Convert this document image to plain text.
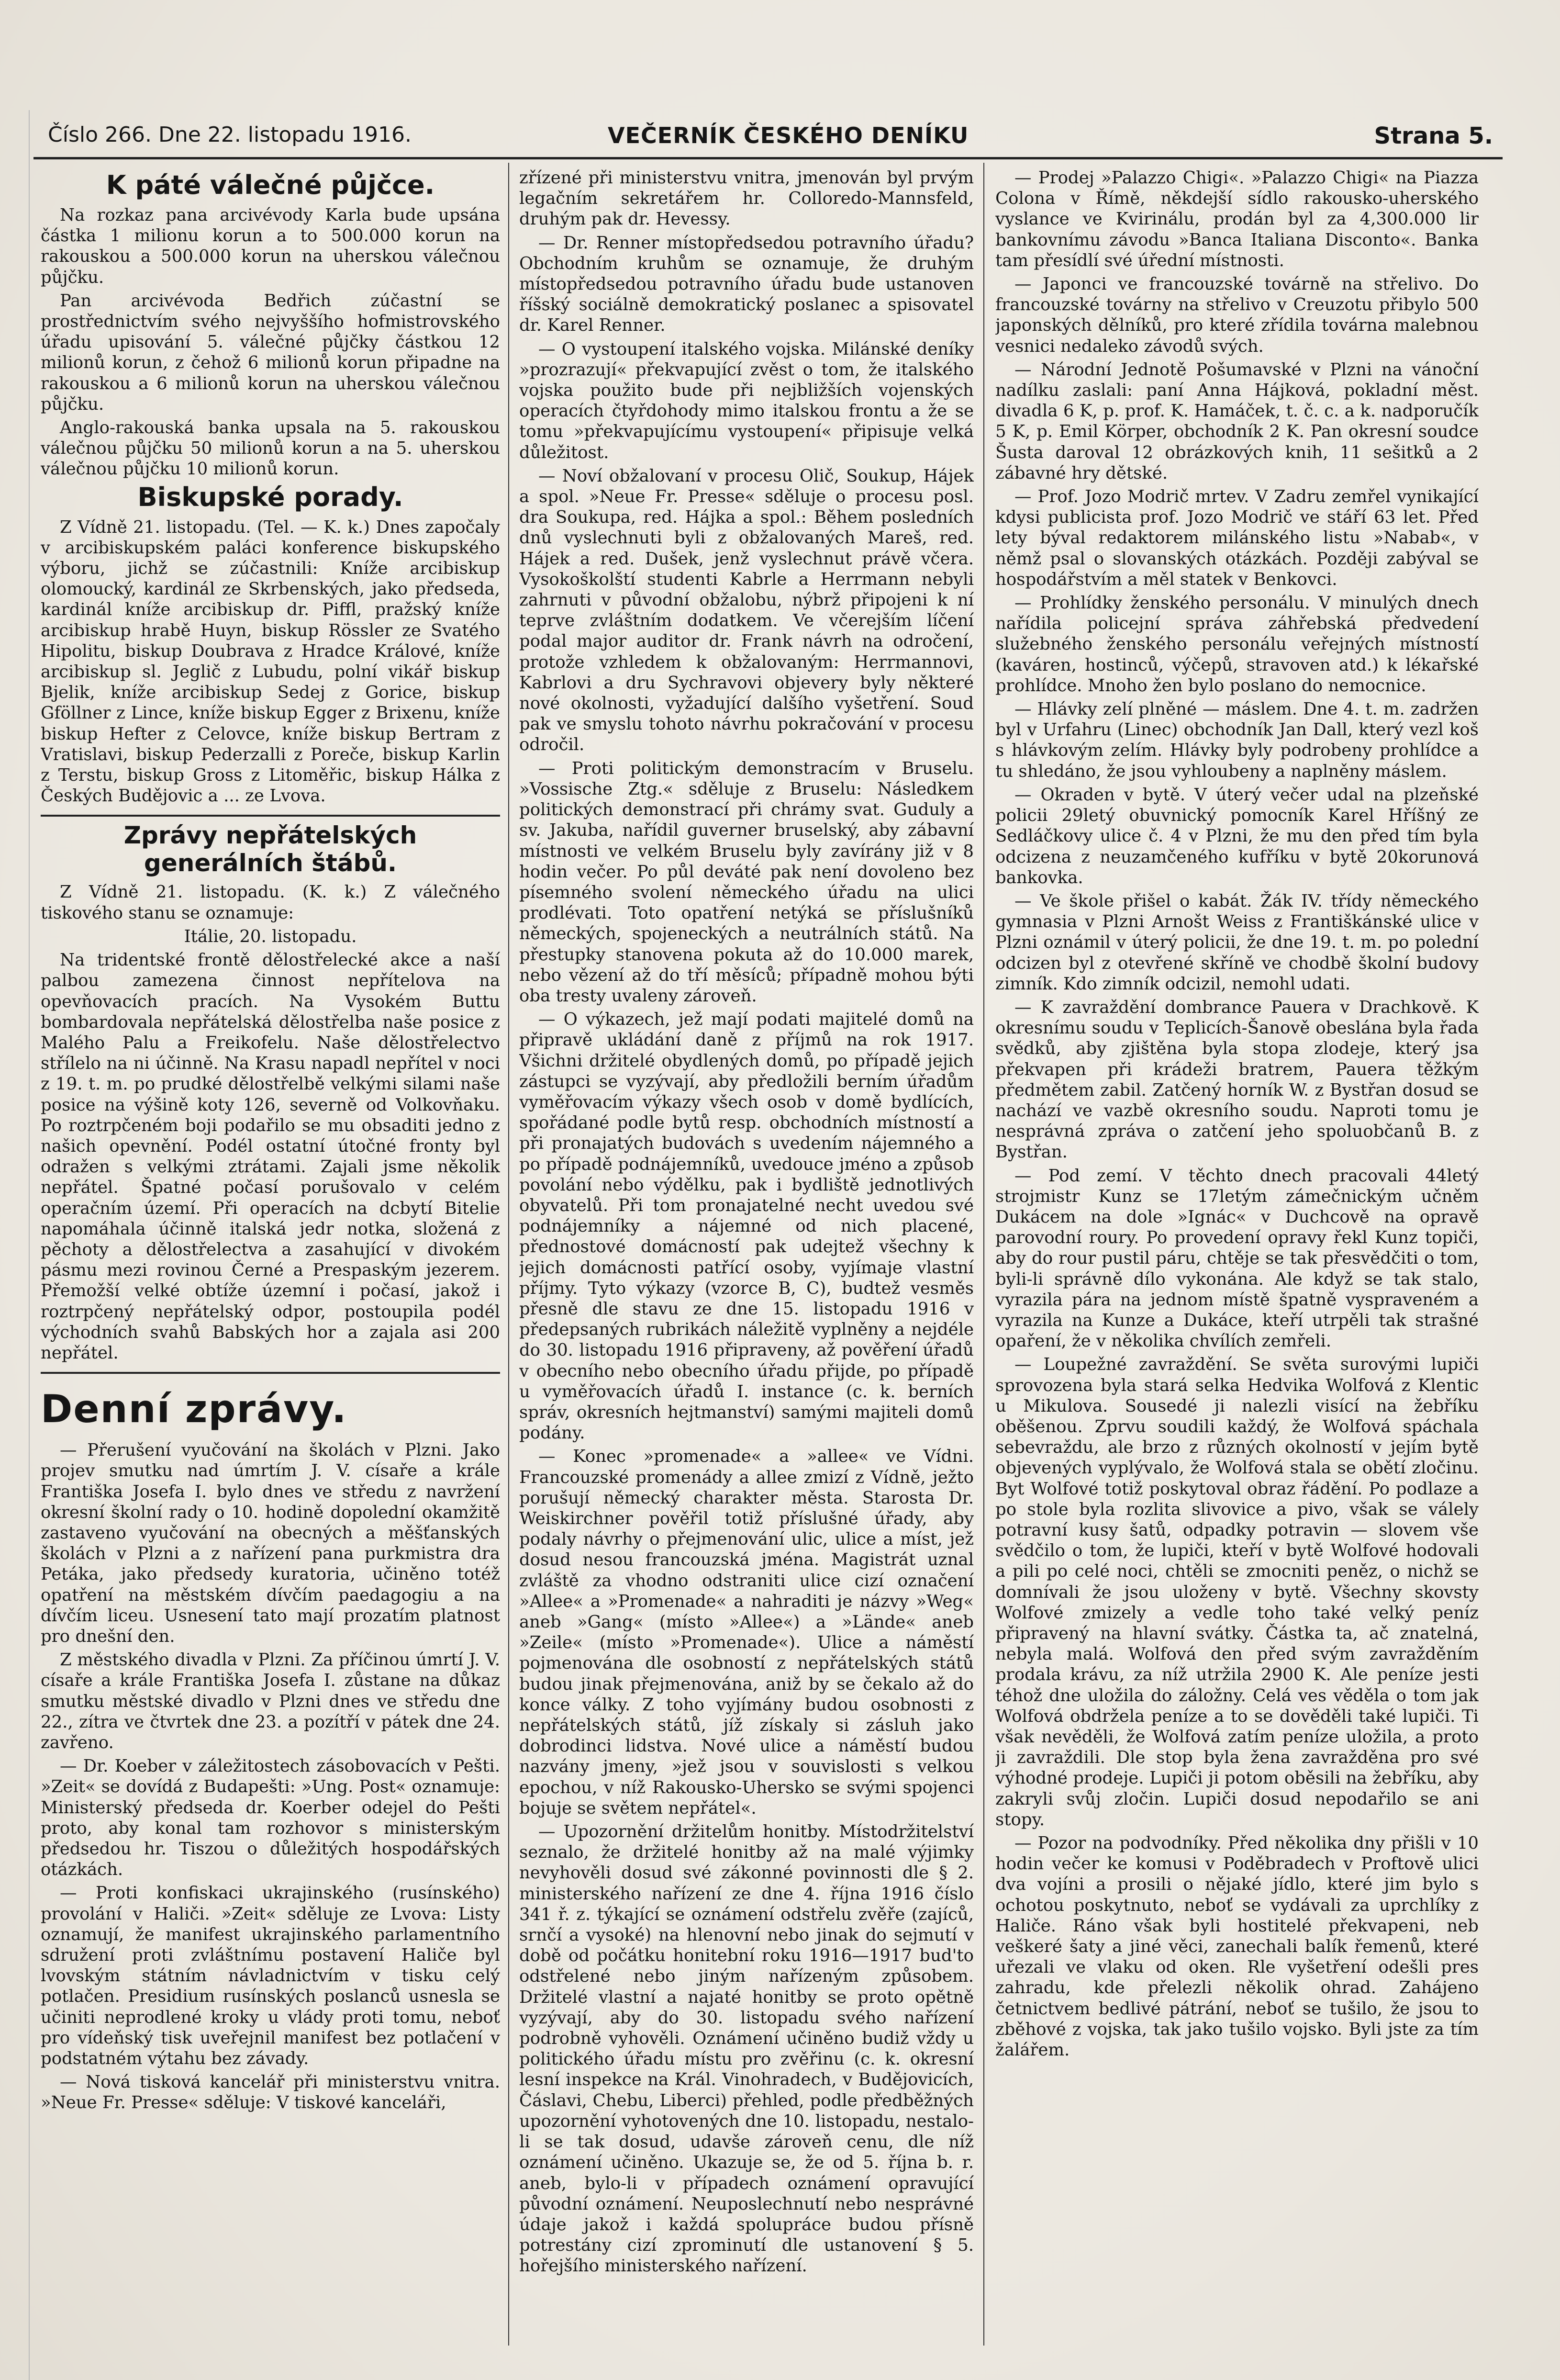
Číslo 266. Dne 22. listopadu 1916.	VEČERNÍK ČESKÉHO DENÍKU	Strana 5.
K páté válečné půjčce.

Na rozkaz pana arcivévody Karla bude upsána částka 1 milionu korun a to 500.000 korun na rakouskou a 500.000 korun na uherskou válečnou půjčku.

Pan arcivévoda Bedřich zúčastní se prostřednictvím svého nejvyššího hofmistrovského úřadu upisování 5. válečné půjčky částkou 12 milionů korun, z čehož 6 milionů korun připadne na rakouskou a 6 milionů korun na uherskou válečnou půjčku.

Anglo-rakouská banka upsala na 5. rakouskou válečnou půjčku 50 milionů korun a na 5. uherskou válečnou půjčku 10 milionů korun.

Biskupské porady.

Z Vídně 21. listopadu. (Tel. — K. k.) Dnes započaly v arcibiskupském paláci konference biskupského výboru, jichž se zúčastnili: Kníže arcibiskup olomoucký, kardinál ze Skrbenských, jako předseda, kardinál kníže arcibiskup dr. Piffl, pražský kníže arcibiskup hrabě Huyn, biskup Rössler ze Svatého Hipolitu, biskup Doubrava z Hradce Králové, kníže arcibiskup sl. Jeglič z Lubudu, polní vikář biskup Bjelik, kníže arcibiskup Sedej z Gorice, biskup Gföllner z Lince, kníže biskup Egger z Brixenu, kníže biskup Hefter z Celovce, kníže biskup Bertram z Vratislavi, biskup Pederzalli z Poreče, biskup Karlin z Terstu, biskup Gross z Litoměřic, biskup Hálka z Českých Budějovic a ... ze Lvova.

Zprávy nepřátelských generálních štábů.

Z Vídně 21. listopadu. (K. k.) Z válečného tiskového stanu se oznamuje:

Itálie, 20. listopadu.

Na tridentské frontě dělostřelecké akce a naší palbou zamezena činnost nepřítelova na opevňovacích pracích. Na Vysokém Buttu bombardovala nepřátelská dělostřelba naše posice z Malého Palu a Freikofelu. Naše dělostřelectvo střílelo na ni účinně. Na Krasu napadl nepřítel v noci z 19. t. m. po prudké dělostřelbě velkými silami naše posice na výšině koty 126, severně od Volkovňaku. Po roztrpčeném boji podařilo se mu obsaditi jedno z našich opevnění. Podél ostatní útočné fronty byl odražen s velkými ztrátami. Zajali jsme několik nepřátel. Špatné počasí porušovalo v celém operačním území. Při operacích na dcbytí Bitelie napomáhala účinně italská jedr notka, složená z pěchoty a dělostřelectva a zasahující v divokém pásmu mezi rovinou Černé a Prespaským jezerem. Přemožší velké obtíže územní i počasí, jakož i roztrpčený nepřátelský odpor, postoupila podél východních svahů Babských hor a zajala asi 200 nepřátel.

Denní zprávy.

— Přerušení vyučování na školách v Plzni. Jako projev smutku nad úmrtím J. V. císaře a krále Františka Josefa I. bylo dnes ve středu z navržení okresní školní rady o 10. hodině dopolední okamžitě zastaveno vyučování na obecných a měšťanských školách v Plzni a z nařízení pana purkmistra dra Petáka, jako předsedy kuratoria, učiněno totéž opatření na městském dívčím paedagogiu a na dívčím liceu. Usnesení tato mají prozatím platnost pro dnešní den.

Z městského divadla v Plzni. Za příčinou úmrtí J. V. císaře a krále Františka Josefa I. zůstane na důkaz smutku městské divadlo v Plzni dnes ve středu dne 22., zítra ve čtvrtek dne 23. a pozítří v pátek dne 24. zavřeno.

— Dr. Koeber v záležitostech zásobovacích v Pešti. »Zeit« se dovídá z Budapešti: »Ung. Post« oznamuje: Ministerský předseda dr. Koerber odejel do Pešti proto, aby konal tam rozhovor s ministerským předsedou hr. Tiszou o důležitých hospodářských otázkách.

— Proti konfiskaci ukrajinského (rusínského) provolání v Haliči. »Zeit« sděluje ze Lvova: Listy oznamují, že manifest ukrajinského parlamentního sdružení proti zvláštnímu postavení Haliče byl lvovským státním návladnictvím v tisku celý potlačen. Presidium rusínských poslanců usnesla se učiniti neprodlené kroky u vlády proti tomu, neboť pro vídeňský tisk uveřejnil manifest bez potlačení v podstatném výtahu bez závady.

— Nová tisková kancelář při ministerstvu vnitra. »Neue Fr. Presse« sděluje: V tiskové kanceláři,

zřízené při ministerstvu vnitra, jmenován byl prvým legačním sekretářem hr. Colloredo-Mannsfeld, druhým pak dr. Hevessy.

— Dr. Renner místopředsedou potravního úřadu? Obchodním kruhům se oznamuje, že druhým místopředsedou potravního úřadu bude ustanoven říšský sociálně demokratický poslanec a spisovatel dr. Karel Renner.

— O vystoupení italského vojska. Milánské deníky »prozrazují« překvapující zvěst o tom, že italského vojska použito bude při nejbližších vojenských operacích čtyřdohody mimo italskou frontu a že se tomu »překvapujícímu vystoupení« připisuje velká důležitost.

— Noví obžalovaní v procesu Olič, Soukup, Hájek a spol. »Neue Fr. Presse« sděluje o procesu posl. dra Soukupa, red. Hájka a spol.: Během posledních dnů vyslechnuti byli z obžalovaných Mareš, red. Hájek a red. Dušek, jenž vyslechnut právě včera. Vysokoškolští studenti Kabrle a Herrmann nebyli zahrnuti v původní obžalobu, nýbrž připojeni k ní teprve zvláštním dodatkem. Ve včerejším líčení podal major auditor dr. Frank návrh na odročení, protože vzhledem k obžalovaným: Herrmannovi, Kabrlovi a dru Sychravovi objevery byly některé nové okolnosti, vyžadující dalšího vyšetření. Soud pak ve smyslu tohoto návrhu pokračování v procesu odročil.

— Proti politickým demonstracím v Bruselu. »Vossische Ztg.« sděluje z Bruselu: Následkem politických demonstrací při chrámy svat. Guduly a sv. Jakuba, nařídil guverner bruselský, aby zábavní místnosti ve velkém Bruselu byly zavírány již v 8 hodin večer. Po půl deváté pak není dovoleno bez písemného svolení německého úřadu na ulici prodlévati. Toto opatření netýká se příslušníků německých, spojeneckých a neutrálních států. Na přestupky stanovena pokuta až do 10.000 marek, nebo vězení až do tří měsíců; případně mohou býti oba tresty uvaleny zároveň.

— O výkazech, jež mají podati majitelé domů na připravě ukládání daně z příjmů na rok 1917. Všichni držitelé obydlených domů, po případě jejich zástupci se vyzývají, aby předložili berním úřadům vyměřovacím výkazy všech osob v domě bydlících, spořádané podle bytů resp. obchodních místností a při pronajatých budovách s uvedením nájemného a po případě podnájemníků, uvedouce jméno a způsob povolání nebo výdělku, pak i bydliště jednotlivých obyvatelů. Při tom pronajatelné necht uvedou své podnájemníky a nájemné od nich placené, přednostové domácností pak udejtež všechny k jejich domácnosti patřící osoby, vyjímaje vlastní příjmy. Tyto výkazy (vzorce B, C), budtež vesměs přesně dle stavu ze dne 15. listopadu 1916 v předepsaných rubrikách náležitě vyplněny a nejdéle do 30. listopadu 1916 připraveny, až pověření úřadů v obecního nebo obecního úřadu přijde, po případě u vyměřovacích úřadů I. instance (c. k. berních správ, okresních hejtmanství) samými majiteli domů podány.

— Konec »promenade« a »allee« ve Vídni. Francouzské promenády a allee zmizí z Vídně, ježto porušují německý charakter města. Starosta Dr. Weiskirchner pověřil totiž příslušné úřady, aby podaly návrhy o přejmenování ulic, ulice a míst, jež dosud nesou francouzská jména. Magistrát uznal zvláště za vhodno odstraniti ulice cizí označení »Allee« a »Promenade« a nahraditi je názvy »Weg« aneb »Gang« (místo »Allee«) a »Lände« aneb »Zeile« (místo »Promenade«). Ulice a náměstí pojmenována dle osobností z nepřátelských států budou jinak přejmenována, aniž by se čekalo až do konce války. Z toho vyjímány budou osobnosti z nepřátelských států, jíž získaly si zásluh jako dobrodinci lidstva. Nové ulice a náměstí budou nazvány jmeny, »jež jsou v souvislosti s velkou epochou, v níž Rakousko-Uhersko se svými spojenci bojuje se světem nepřátel«.

— Upozornění držitelům honitby. Místodržitelství seznalo, že držitelé honitby až na malé výjimky nevyhověli dosud své zákonné povinnosti dle § 2. ministerského nařízení ze dne 4. října 1916 číslo 341 ř. z. týkající se oznámení odstřelu zvěře (zajíců, srnčí a vysoké) na hlenovní nebo jinak do sejmutí v době od počátku honitební roku 1916—1917 bud'to odstřelené nebo jiným nařízeným způsobem. Držitelé vlastní a najaté honitby se proto opětně vyzývají, aby do 30. listopadu svého nařízení podrobně vyhověli. Oznámení učiněno budiž vždy u politického úřadu místu pro zvěřinu (c. k. okresní lesní inspekce na Král. Vinohradech, v Budějovicích, Čáslavi, Chebu, Liberci) přehled, podle předběžných upozornění vyhotovených dne 10. listopadu, nestalo-li se tak dosud, udavše zároveň cenu, dle níž oznámení učiněno. Ukazuje se, že od 5. října b. r. aneb, bylo-li v případech oznámení opravující původní oznámení. Neuposlechnutí nebo nesprávné údaje jakož i každá spolupráce budou přísně potrestány cizí zprominutí dle ustanovení § 5. hořejšího ministerského nařízení.

— Prodej »Palazzo Chigi«. »Palazzo Chigi« na Piazza Colona v Římě, někdejší sídlo rakousko-uherského vyslance ve Kvirinálu, prodán byl za 4,300.000 lir bankovnímu závodu »Banca Italiana Disconto«. Banka tam přesídlí své úřední místnosti.

— Japonci ve francouzské továrně na střelivo. Do francouzské továrny na střelivo v Creuzotu přibylo 500 japonských dělníků, pro které zřídila továrna malebnou vesnici nedaleko závodů svých.

— Národní Jednotě Pošumavské v Plzni na vánoční nadílku zaslali: paní Anna Hájková, pokladní měst. divadla 6 K, p. prof. K. Hamáček, t. č. c. a k. nadporučík 5 K, p. Emil Körper, obchodník 2 K. Pan okresní soudce Šusta daroval 12 obrázkových knih, 11 sešitků a 2 zábavné hry dětské.

— Prof. Jozo Modrič mrtev. V Zadru zemřel vynikající kdysi publicista prof. Jozo Modrič ve stáří 63 let. Před lety býval redaktorem milánského listu »Nabab«, v němž psal o slovanských otázkách. Později zabýval se hospodářstvím a měl statek v Benkovci.

— Prohlídky ženského personálu. V minulých dnech nařídila policejní správa záhřebská předvedení služebného ženského personálu veřejných místností (kaváren, hostinců, výčepů, stravoven atd.) k lékařské prohlídce. Mnoho žen bylo poslano do nemocnice.

— Hlávky zelí plněné — máslem. Dne 4. t. m. zadržen byl v Urfahru (Linec) obchodník Jan Dall, který vezl koš s hlávkovým zelím. Hlávky byly podrobeny prohlídce a tu shledáno, že jsou vyhloubeny a naplněny máslem.

— Okraden v bytě. V úterý večer udal na plzeňské policii 29letý obuvnický pomocník Karel Hříšný ze Sedláčkovy ulice č. 4 v Plzni, že mu den před tím byla odcizena z neuzamčeného kufříku v bytě 20korunová bankovka.

— Ve škole přišel o kabát. Žák IV. třídy německého gymnasia v Plzni Arnošt Weiss z Františkánské ulice v Plzni oznámil v úterý policii, že dne 19. t. m. po polední odcizen byl z otevřené skříně ve chodbě školní budovy zimník. Kdo zimník odcizil, nemohl udati.

— K zavraždění dombrance Pauera v Drachkově. K okresnímu soudu v Teplicích-Šanově obeslána byla řada svědků, aby zjištěna byla stopa zlodeje, který jsa překvapen při krádeži bratrem, Pauera těžkým předmětem zabil. Zatčený horník W. z Bystřan dosud se nachází ve vazbě okresního soudu. Naproti tomu je nesprávná zpráva o zatčení jeho spoluobčanů B. z Bystřan.

— Pod zemí. V těchto dnech pracovali 44letý strojmistr Kunz se 17letým zámečnickým učněm Dukácem na dole »Ignác« v Duchcově na opravě parovodní roury. Po provedení opravy řekl Kunz topiči, aby do rour pustil páru, chtěje se tak přesvědčiti o tom, byli-li správně dílo vykonána. Ale když se tak stalo, vyrazila pára na jednom místě špatně vyspraveném a vyrazila na Kunze a Dukáce, kteří utrpěli tak strašné opaření, že v několika chvílích zemřeli.

— Loupežné zavraždění. Se světa surovými lupiči sprovozena byla stará selka Hedvika Wolfová z Klentic u Mikulova. Sousedé ji nalezli visící na žebříku oběšenou. Zprvu soudili každý, že Wolfová spáchala sebevraždu, ale brzo z různých okolností v jejím bytě objevených vyplývalo, že Wolfová stala se obětí zločinu. Byt Wolfové totiž poskytoval obraz řádění. Po podlaze a po stole byla rozlita slivovice a pivo, však se válely potravní kusy šatů, odpadky potravin — slovem vše svědčilo o tom, že lupiči, kteří v bytě Wolfové hodovali a pili po celé noci, chtěli se zmocniti peněz, o nichž se domnívali že jsou uloženy v bytě. Všechny skovsty Wolfové zmizely a vedle toho také velký peníz připravený na hlavní svátky. Částka ta, ač znatelná, nebyla malá. Wolfová den před svým zavražděním prodala krávu, za níž utržila 2900 K. Ale peníze jesti téhož dne uložila do záložny. Celá ves věděla o tom jak Wolfová obdržela peníze a to se dověděli také lupiči. Ti však nevěděli, že Wolfová zatím peníze uložila, a proto ji zavraždili. Dle stop byla žena zavražděna pro své výhodné prodeje. Lupiči ji potom oběsili na žebříku, aby zakryli svůj zločin. Lupiči dosud nepodařilo se ani stopy.

— Pozor na podvodníky. Před několika dny přišli v 10 hodin večer ke komusi v Poděbradech v Proftově ulici dva vojíni a prosili o nějaké jídlo, které jim bylo s ochotou poskytnuto, neboť se vydávali za uprchlíky z Haliče. Ráno však byli hostitelé překvapeni, neb veškeré šaty a jiné věci, zanechali balík řemenů, které uřezali ve vlaku od oken. Rle vyšetření odešli pres zahradu, kde přelezli několik ohrad. Zahájeno četnictvem bedlivé pátrání, neboť se tušilo, že jsou to zběhové z vojska, tak jako tušilo vojsko. Byli jste za tím žalářem.
